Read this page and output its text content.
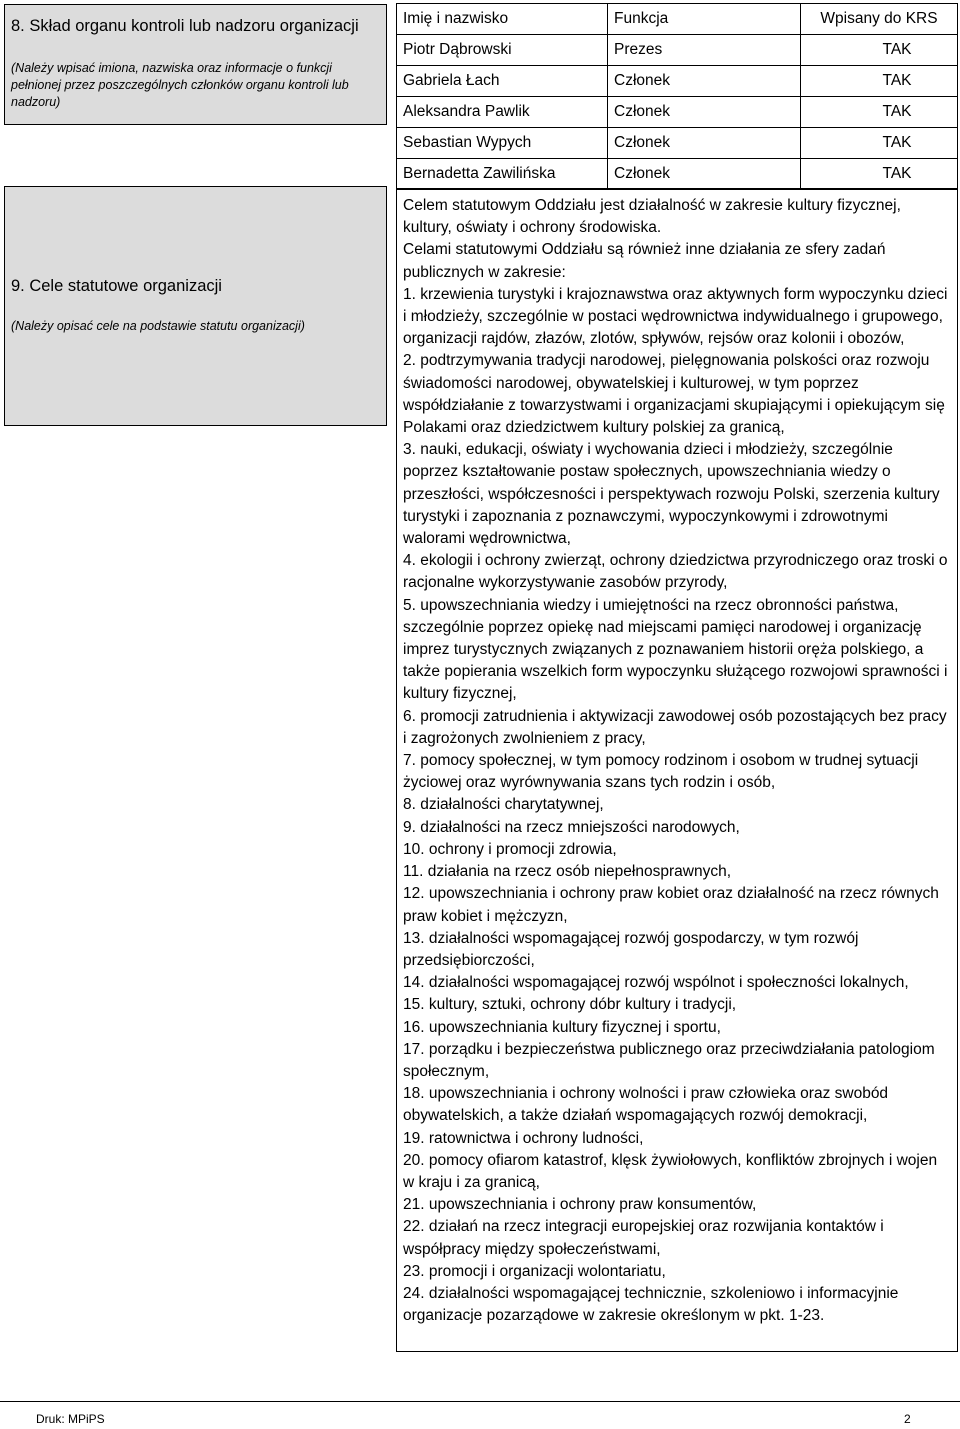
8. Skład organu kontroli lub nadzoru organizacji
(Należy wpisać imiona, nazwiska oraz informacje o funkcji pełnionej przez poszczególnych członków organu kontroli lub nadzoru)
9. Cele statutowe organizacji
(Należy opisać cele na podstawie statutu organizacji)
Imię i nazwisko	Funkcja	Wpisany do KRS
Piotr Dąbrowski	Prezes	TAK
Gabriela Łach	Członek	TAK
Aleksandra Pawlik	Członek	TAK
Sebastian Wypych	Członek	TAK
Bernadetta Zawilińska	Członek	TAK

Celem statutowym Oddziału jest działalność w zakresie kultury fizycznej, kultury, oświaty i ochrony środowiska.

Celami statutowymi Oddziału są również inne działania ze sfery zadań publicznych w zakresie:

1. krzewienia turystyki i krajoznawstwa oraz aktywnych form wypoczynku dzieci i młodzieży, szczególnie w postaci wędrownictwa indywidualnego i grupowego, organizacji rajdów, złazów, zlotów, spływów, rejsów oraz kolonii i obozów,

2. podtrzymywania tradycji narodowej, pielęgnowania polskości oraz rozwoju świadomości narodowej, obywatelskiej i kulturowej, w tym poprzez współdziałanie z towarzystwami i organizacjami skupiającymi i opiekującym się Polakami oraz dziedzictwem kultury polskiej za granicą,

3. nauki, edukacji, oświaty i wychowania dzieci i młodzieży, szczególnie poprzez kształtowanie postaw społecznych, upowszechniania wiedzy o przeszłości, współczesności i perspektywach rozwoju Polski, szerzenia kultury turystyki i zapoznania z poznawczymi, wypoczynkowymi i zdrowotnymi walorami wędrownictwa,

4. ekologii i ochrony zwierząt, ochrony dziedzictwa przyrodniczego oraz troski o racjonalne wykorzystywanie zasobów przyrody,

5. upowszechniania wiedzy i umiejętności na rzecz obronności państwa, szczególnie poprzez opiekę nad miejscami pamięci narodowej i organizację imprez turystycznych związanych z poznawaniem historii oręża polskiego, a także popierania wszelkich form wypoczynku służącego rozwojowi sprawności i kultury fizycznej,

6. promocji zatrudnienia i aktywizacji zawodowej osób pozostających bez pracy i zagrożonych zwolnieniem z pracy,

7. pomocy społecznej, w tym pomocy rodzinom i osobom w trudnej sytuacji życiowej oraz wyrównywania szans tych rodzin i osób,

8. działalności charytatywnej,

9. działalności na rzecz mniejszości narodowych,

10. ochrony i promocji zdrowia,

11. działania na rzecz osób niepełnosprawnych,

12. upowszechniania i ochrony praw kobiet oraz działalność na rzecz równych praw kobiet i mężczyzn,

13. działalności wspomagającej rozwój gospodarczy, w tym rozwój przedsiębiorczości,

14. działalności wspomagającej rozwój wspólnot i społeczności lokalnych,

15. kultury, sztuki, ochrony dóbr kultury i tradycji,

16. upowszechniania kultury fizycznej i sportu,

17. porządku i bezpieczeństwa publicznego oraz przeciwdziałania patologiom społecznym,

18. upowszechniania i ochrony wolności i praw człowieka oraz swobód obywatelskich, a także działań wspomagających rozwój demokracji,

19. ratownictwa i ochrony ludności,

20. pomocy ofiarom katastrof, klęsk żywiołowych, konfliktów zbrojnych i wojen w kraju i za granicą,

21. upowszechniania i ochrony praw konsumentów,

22. działań na rzecz integracji europejskiej oraz rozwijania kontaktów i współpracy między społeczeństwami,

23. promocji i organizacji wolontariatu,

24. działalności wspomagającej technicznie, szkoleniowo i informacyjnie organizacje pozarządowe w zakresie określonym w pkt. 1-23.

Druk: MPiPS	2
